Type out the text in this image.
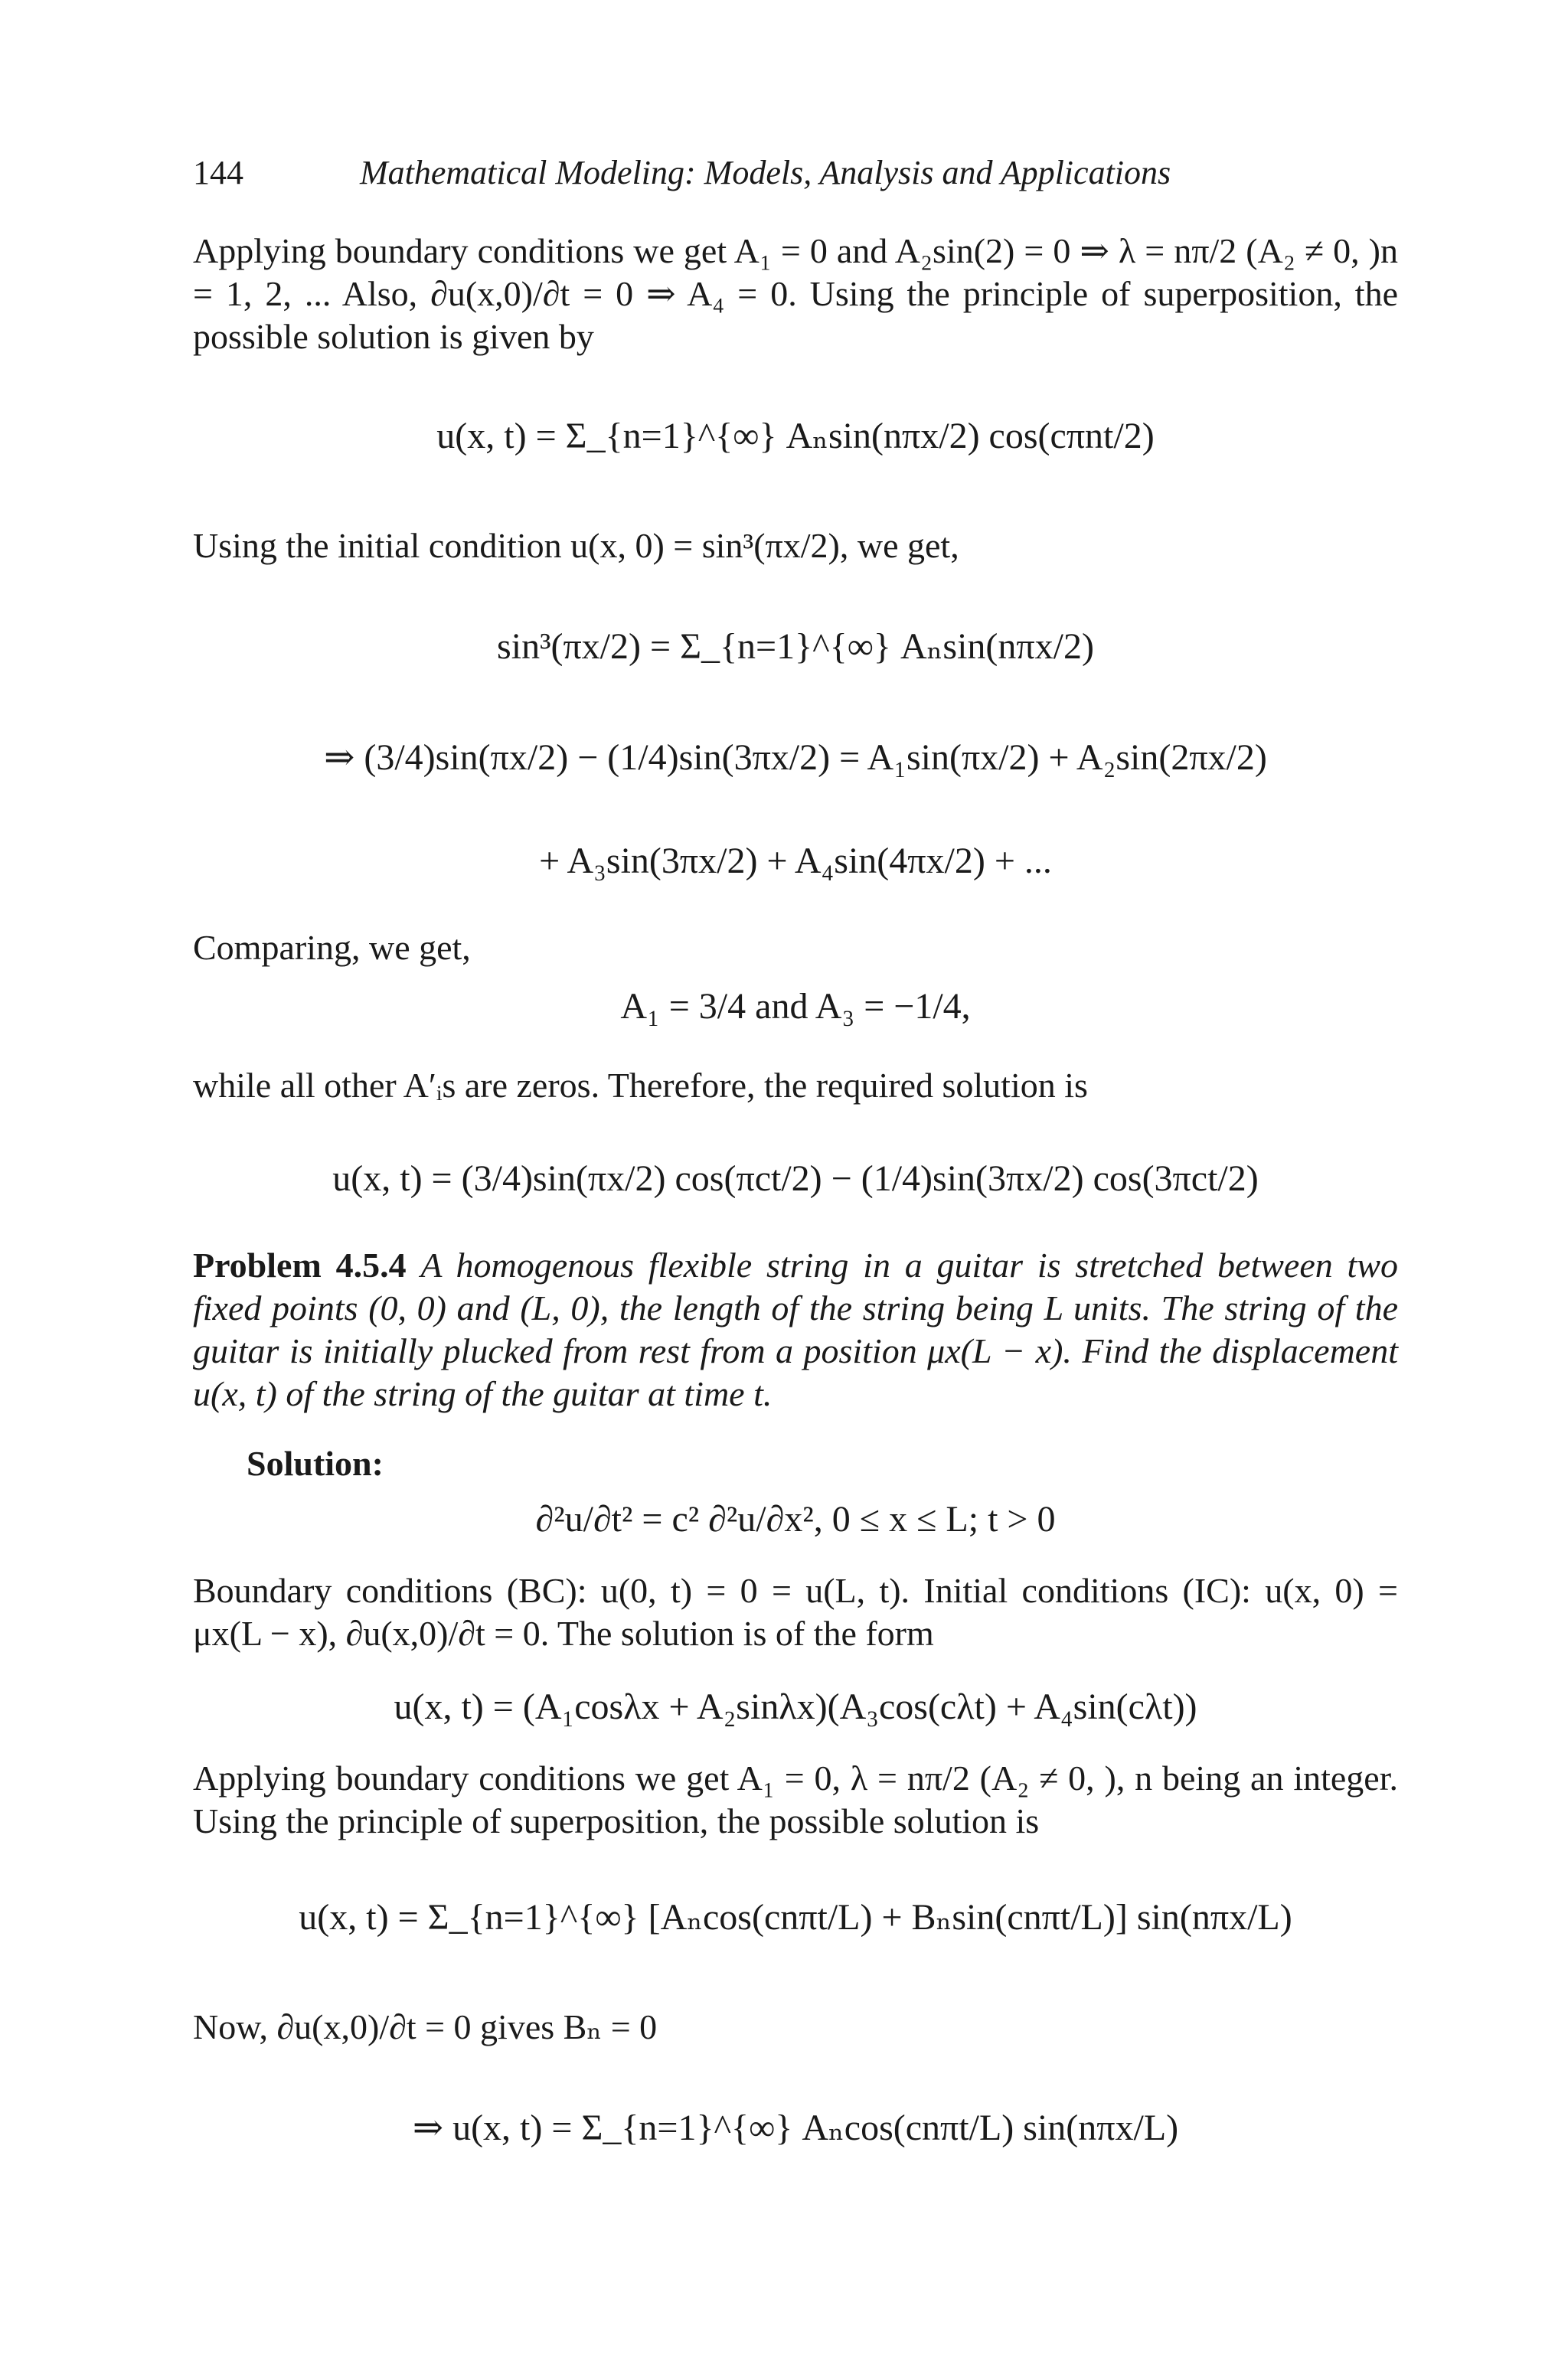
144	Mathematical Modeling: Models, Analysis and Applications
Applying boundary conditions we get A₁ = 0 and A₂sin(2) = 0 ⇒ λ = nπ/2 (A₂ ≠ 0, )n = 1, 2, ... Also, ∂u(x,0)/∂t = 0 ⇒ A₄ = 0. Using the principle of superposition, the possible solution is given by
u(x, t) = Σ_{n=1}^{∞} Aₙsin(nπx/2) cos(cπnt/2)
Using the initial condition u(x, 0) = sin³(πx/2), we get,
sin³(πx/2) = Σ_{n=1}^{∞} Aₙsin(nπx/2)
⇒ (3/4)sin(πx/2) − (1/4)sin(3πx/2) = A₁sin(πx/2) + A₂sin(2πx/2)
+ A₃sin(3πx/2) + A₄sin(4πx/2) + ...
Comparing, we get,
A₁ = 3/4 and A₃ = −1/4,
while all other A′ᵢs are zeros. Therefore, the required solution is
u(x, t) = (3/4)sin(πx/2) cos(πct/2) − (1/4)sin(3πx/2) cos(3πct/2)
Problem 4.5.4 A homogenous flexible string in a guitar is stretched between two fixed points (0, 0) and (L, 0), the length of the string being L units. The string of the guitar is initially plucked from rest from a position μx(L − x). Find the displacement u(x, t) of the string of the guitar at time t.
Solution:
∂²u/∂t² = c² ∂²u/∂x², 0 ≤ x ≤ L; t > 0
Boundary conditions (BC): u(0, t) = 0 = u(L, t). Initial conditions (IC): u(x, 0) = μx(L − x), ∂u(x,0)/∂t = 0. The solution is of the form
u(x, t) = (A₁cosλx + A₂sinλx)(A₃cos(cλt) + A₄sin(cλt))
Applying boundary conditions we get A₁ = 0, λ = nπ/2 (A₂ ≠ 0, ), n being an integer. Using the principle of superposition, the possible solution is
u(x, t) = Σ_{n=1}^{∞} [Aₙcos(cnπt/L) + Bₙsin(cnπt/L)] sin(nπx/L)
Now, ∂u(x,0)/∂t = 0 gives Bₙ = 0
⇒ u(x, t) = Σ_{n=1}^{∞} Aₙcos(cnπt/L) sin(nπx/L)
